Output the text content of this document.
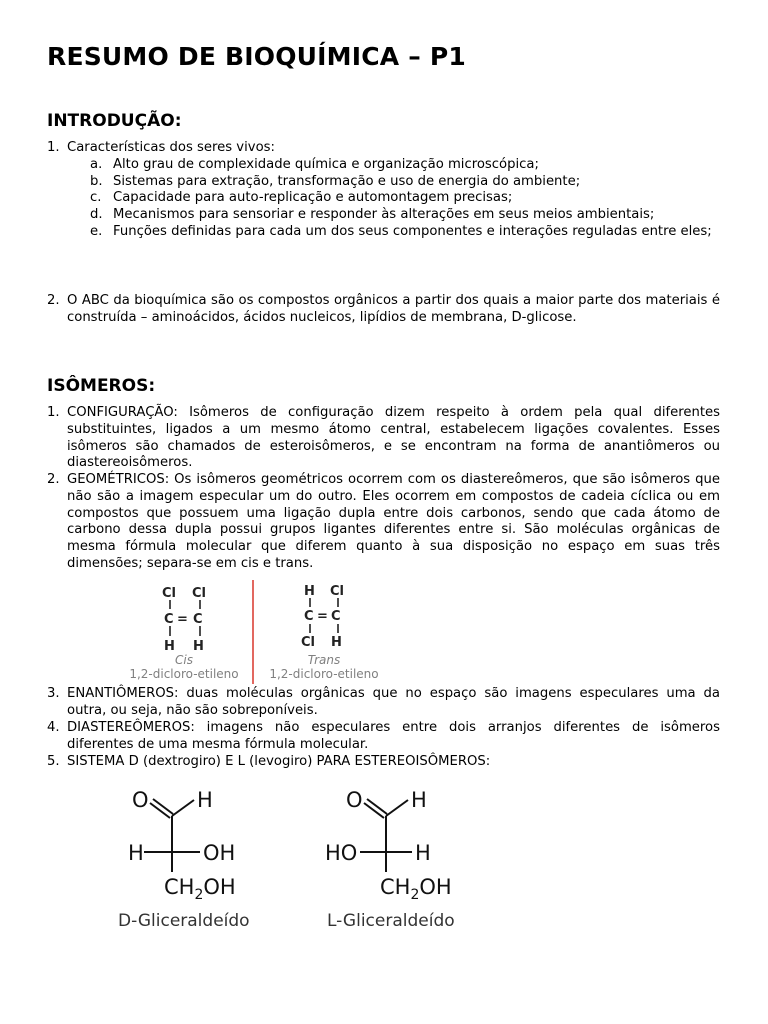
RESUMO DE BIOQUÍMICA – P1
INTRODUÇÃO:
1. Características dos seres vivos:
a. Alto grau de complexidade química e organização microscópica;
b. Sistemas para extração, transformação e uso de energia do ambiente;
c. Capacidade para auto-replicação e automontagem precisas;
d. Mecanismos para sensoriar e responder às alterações em seus meios ambientais;
e. Funções definidas para cada um dos seus componentes e interações reguladas entre eles;
2. O ABC da bioquímica são os compostos orgânicos a partir dos quais a maior parte dos materiais é construída – aminoácidos, ácidos nucleicos, lipídios de membrana, D-glicose.
ISÔMEROS:
1. CONFIGURAÇÃO: Isômeros de configuração dizem respeito à ordem pela qual diferentes substituintes, ligados a um mesmo átomo central, estabelecem ligações covalentes. Esses isômeros são chamados de esteroisômeros, e se encontram na forma de anantiômeros ou diastereoisômeros.
2. GEOMÉTRICOS: Os isômeros geométricos ocorrem com os diastereômeros, que são isômeros que não são a imagem especular um do outro. Eles ocorrem em compostos de cadeia cíclica ou em compostos que possuem uma ligação dupla entre dois carbonos, sendo que cada átomo de carbono dessa dupla possui grupos ligantes diferentes entre si. São moléculas orgânicas de mesma fórmula molecular que diferem quanto à sua disposição no espaço em suas três dimensões; separa-se em cis e trans.
3. ENANTIÔMEROS: duas moléculas orgânicas que no espaço são imagens especulares uma da outra, ou seja, não são sobreponíveis.
4. DIASTEREÔMEROS: imagens não especulares entre dois arranjos diferentes de isômeros diferentes de uma mesma fórmula molecular.
5. SISTEMA D (dextrogiro) E L (levogiro) PARA ESTEREOISÔMEROS:
Cl Cl
C = C
H H
Cis
1,2-dicloro-etileno
H Cl
C = C
Cl H
Trans
1,2-dicloro-etileno
O H
H	OH
$CH_2OH$
D-Gliceraldeído
O H
HO	H
$CH_2OH$
L-Gliceraldeído
